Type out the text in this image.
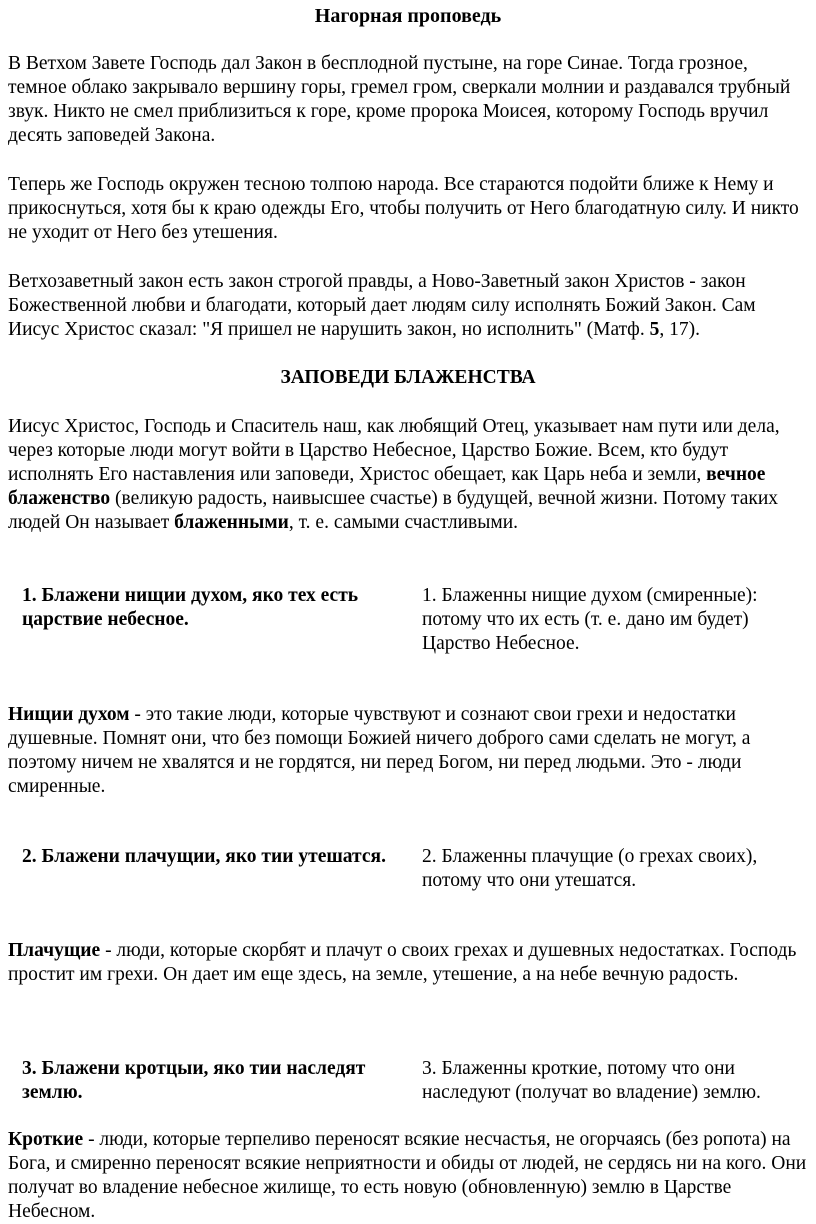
Нагорная проповедь
В Ветхом Завете Господь дал Закон в бесплодной пустыне, на горе Синае. Тогда грозное, темное облако закрывало вершину горы, гремел гром, сверкали молнии и раздавался трубный звук. Никто не смел приблизиться к горе, кроме пророка Моисея, которому Господь вручил десять заповедей Закона.
Теперь же Господь окружен тесною толпою народа. Все стараются подойти ближе к Нему и прикоснуться, хотя бы к краю одежды Его, чтобы получить от Него благодатную силу. И никто не уходит от Него без утешения.
Ветхозаветный закон есть закон строгой правды, а Ново-Заветный закон Христов - закон Божественной любви и благодати, который дает людям силу исполнять Божий Закон. Сам Иисус Христос сказал: "Я пришел не нарушить закон, но исполнить" (Матф. 5, 17).
ЗАПОВЕДИ БЛАЖЕНСТВА
Иисус Христос, Господь и Спаситель наш, как любящий Отец, указывает нам пути или дела, через которые люди могут войти в Царство Небесное, Царство Божие. Всем, кто будут исполнять Его наставления или заповеди, Христос обещает, как Царь неба и земли, вечное блаженство (великую радость, наивысшее счастье) в будущей, вечной жизни. Потому таких людей Он называет блаженными, т. е. самыми счастливыми.
1. Блажени нищии духом, яко тех есть царствие небесное.
1. Блаженны нищие духом (смиренные): потому что их есть (т. е. дано им будет) Царство Небесное.
Нищии духом - это такие люди, которые чувствуют и сознают свои грехи и недостатки душевные. Помнят они, что без помощи Божией ничего доброго сами сделать не могут, а поэтому ничем не хвалятся и не гордятся, ни перед Богом, ни перед людьми. Это - люди смиренные.
2. Блажени плачущии, яко тии утешатся.	2. Блаженны плачущие (о грехах своих), потому что они утешатся.
Плачущие - люди, которые скорбят и плачут о своих грехах и душевных недостатках. Господь простит им грехи. Он дает им еще здесь, на земле, утешение, а на небе вечную радость.
3. Блажени кротцыи, яко тии наследят землю.
3. Блаженны кроткие, потому что они наследуют (получат во владение) землю.
Кроткие - люди, которые терпеливо переносят всякие несчастья, не огорчаясь (без ропота) на Бога, и смиренно переносят всякие неприятности и обиды от людей, не сердясь ни на кого. Они получат во владение небесное жилище, то есть новую (обновленную) землю в Царстве Небесном.
